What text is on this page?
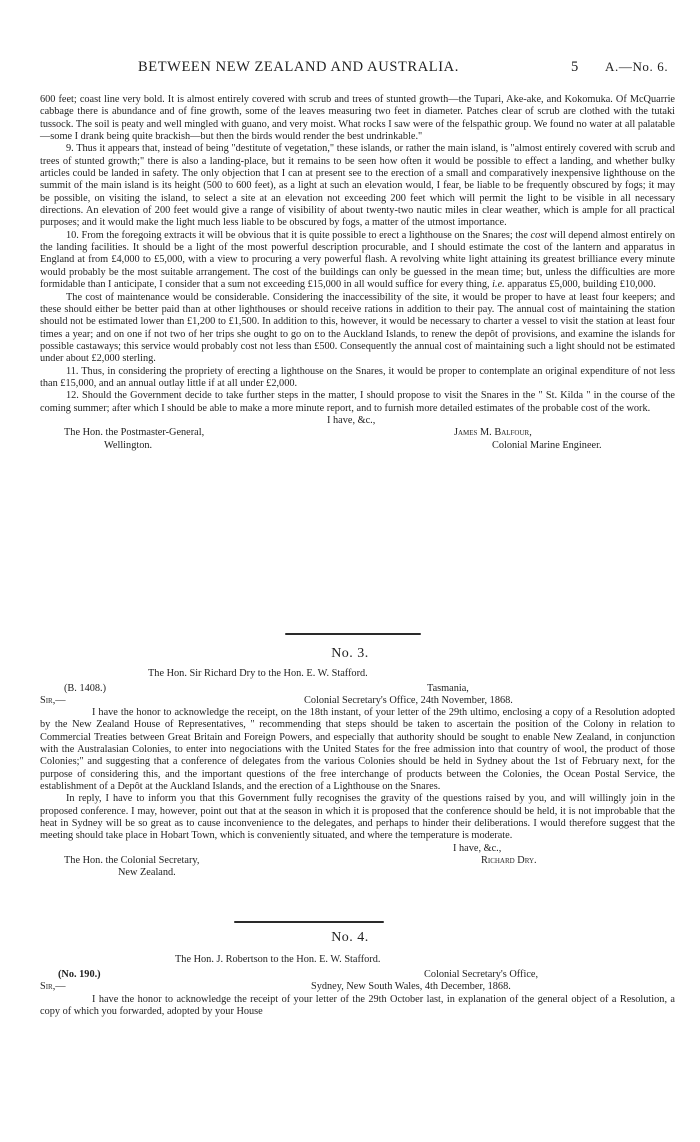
BETWEEN NEW ZEALAND AND AUSTRALIA.	5 A.—No. 6.

600 feet; coast line very bold. It is almost entirely covered with scrub and trees of stunted growth—the Tupari, Ake-ake, and Kokomuka. Of McQuarrie cabbage there is abundance and of fine growth, some of the leaves measuring two feet in diameter. Patches clear of scrub are clothed with the tutaki tussock. The soil is peaty and well mingled with guano, and very moist. What rocks I saw were of the felspathic group. We found no water at all palatable—some I drank being quite brackish—but then the birds would render the best undrinkable."

9. Thus it appears that, instead of being "destitute of vegetation," these islands, or rather the main island, is "almost entirely covered with scrub and trees of stunted growth;" there is also a landing-place, but it remains to be seen how often it would be possible to effect a landing, and whether bulky articles could be landed in safety. The only objection that I can at present see to the erection of a small and comparatively inexpensive lighthouse on the summit of the main island is its height (500 to 600 feet), as a light at such an elevation would, I fear, be liable to be frequently obscured by fogs; it may be possible, on visiting the island, to select a site at an elevation not exceeding 200 feet which will permit the light to be visible in all necessary directions. An elevation of 200 feet would give a range of visibility of about twenty-two nautic miles in clear weather, which is ample for all practical purposes; and it would make the light much less liable to be obscured by fogs, a matter of the utmost importance.

10. From the foregoing extracts it will be obvious that it is quite possible to erect a lighthouse on the Snares; the cost will depend almost entirely on the landing facilities. It should be a light of the most powerful description procurable, and I should estimate the cost of the lantern and apparatus in England at from £4,000 to £5,000, with a view to procuring a very powerful flash. A revolving white light attaining its greatest brilliance every minute would probably be the most suitable arrangement. The cost of the buildings can only be guessed in the mean time; but, unless the difficulties are more formidable than I anticipate, I consider that a sum not exceeding £15,000 in all would suffice for every thing, i.e. apparatus £5,000, building £10,000.

The cost of maintenance would be considerable. Considering the inaccessibility of the site, it would be proper to have at least four keepers; and these should either be better paid than at other lighthouses or should receive rations in addition to their pay. The annual cost of maintaining the station should not be estimated lower than £1,200 to £1,500. In addition to this, however, it would be necessary to charter a vessel to visit the station at least four times a year; and on one if not two of her trips she ought to go on to the Auckland Islands, to renew the depôt of provisions, and examine the islands for possible castaways; this service would probably cost not less than £500. Consequently the annual cost of maintaining such a light should not be estimated under about £2,000 sterling.

11. Thus, in considering the propriety of erecting a lighthouse on the Snares, it would be proper to contemplate an original expenditure of not less than £15,000, and an annual outlay little if at all under £2,000.

12. Should the Government decide to take further steps in the matter, I should propose to visit the Snares in the " St. Kilda " in the course of the coming summer; after which I should be able to make a more minute report, and to furnish more detailed estimates of the probable cost of the work.

I have, &c.,
The Hon. the Postmaster-General,	James M. Balfour,
Wellington.	Colonial Marine Engineer.
No. 3.
The Hon. Sir Richard Dry to the Hon. E. W. Stafford.
(B. 1408.)	Tasmania,
Sir,—	Colonial Secretary's Office, 24th November, 1868.

I have the honor to acknowledge the receipt, on the 18th instant, of your letter of the 29th ultimo, enclosing a copy of a Resolution adopted by the New Zealand House of Representatives, " recommending that steps should be taken to ascertain the position of the Colony in relation to Commercial Treaties between Great Britain and Foreign Powers, and especially that authority should be sought to enable New Zealand, in conjunction with the Australasian Colonies, to enter into negociations with the United States for the free admission into that country of wool, the product of those Colonies;" and suggesting that a conference of delegates from the various Colonies should be held in Sydney about the 1st of February next, for the purpose of considering this, and the important questions of the free interchange of products between the Colonies, the Ocean Postal Service, the establishment of a Depôt at the Auckland Islands, and the erection of a Lighthouse on the Snares.

In reply, I have to inform you that this Government fully recognises the gravity of the questions raised by you, and will willingly join in the proposed conference. I may, however, point out that at the season in which it is proposed that the conference should be held, it is not improbable that the heat in Sydney will be so great as to cause inconvenience to the delegates, and perhaps to hinder their deliberations. I would therefore suggest that the meeting should take place in Hobart Town, which is conveniently situated, and where the temperature is moderate.

I have, &c.,
The Hon. the Colonial Secretary,	Richard Dry.
New Zealand.
No. 4.
The Hon. J. Robertson to the Hon. E. W. Stafford.
(No. 190.)	Colonial Secretary's Office,
Sir,—	Sydney, New South Wales, 4th December, 1868.

I have the honor to acknowledge the receipt of your letter of the 29th October last, in explanation of the general object of a Resolution, a copy of which you forwarded, adopted by your House
